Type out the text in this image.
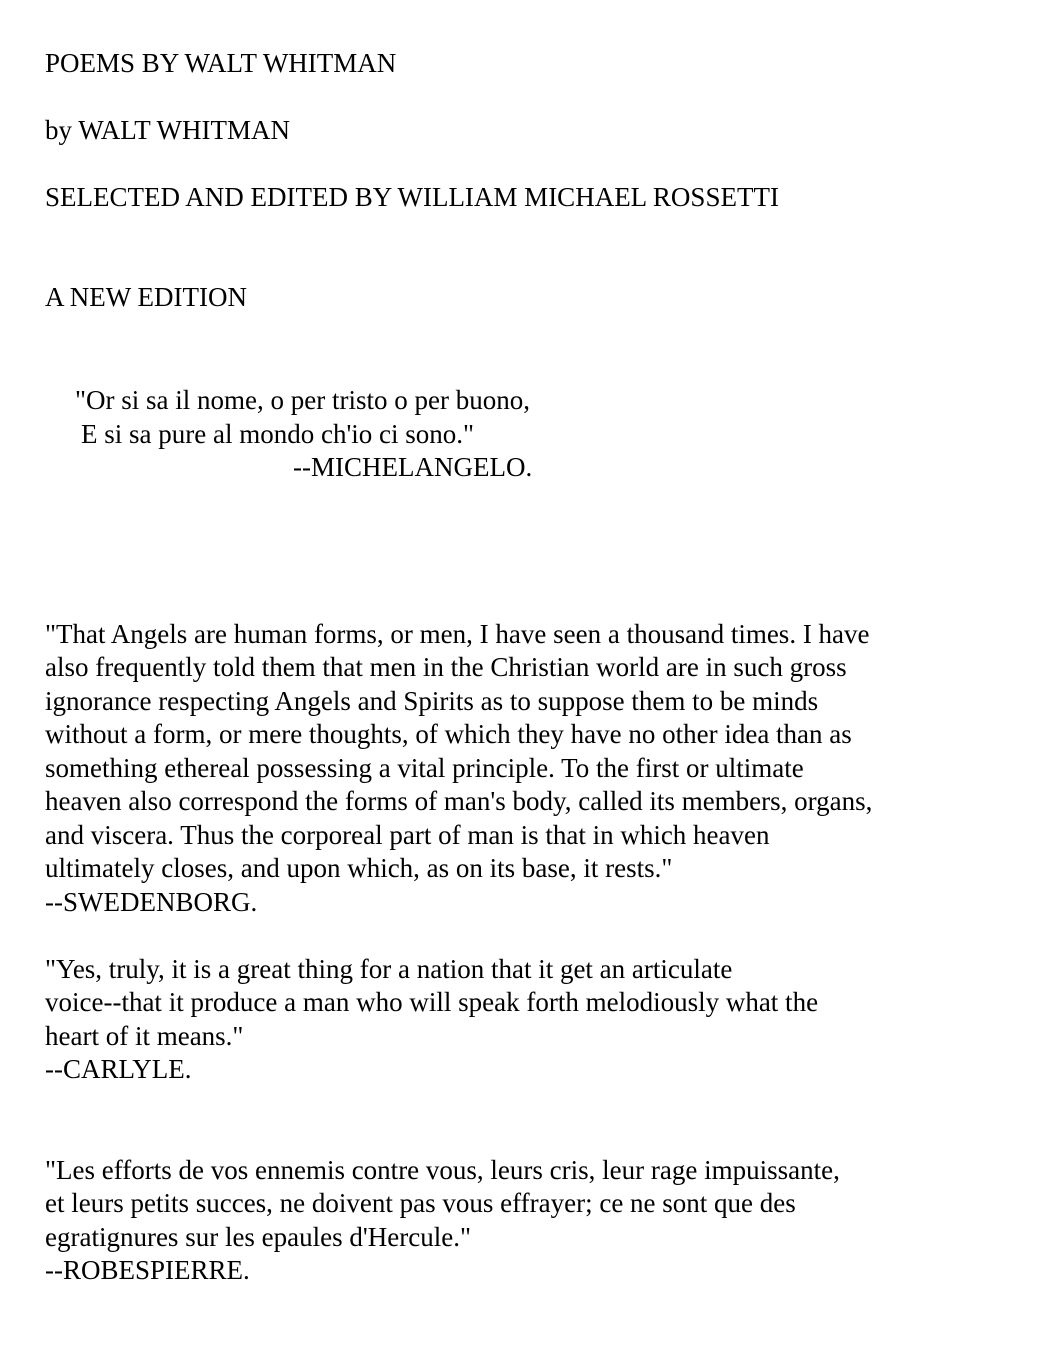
POEMS BY WALT WHITMAN

by WALT WHITMAN

SELECTED AND EDITED BY WILLIAM MICHAEL ROSSETTI

A NEW EDITION

"Or si sa il nome, o per tristo o per buono,

E si sa pure al mondo ch'io ci sono."

--MICHELANGELO.

"That Angels are human forms, or men, I have seen a thousand times. I have

also frequently told them that men in the Christian world are in such gross

ignorance respecting Angels and Spirits as to suppose them to be minds

without a form, or mere thoughts, of which they have no other idea than as

something ethereal possessing a vital principle. To the first or ultimate

heaven also correspond the forms of man's body, called its members, organs,

and viscera. Thus the corporeal part of man is that in which heaven

ultimately closes, and upon which, as on its base, it rests."

--SWEDENBORG.

"Yes, truly, it is a great thing for a nation that it get an articulate

voice--that it produce a man who will speak forth melodiously what the

heart of it means."

--CARLYLE.

"Les efforts de vos ennemis contre vous, leurs cris, leur rage impuissante,

et leurs petits succes, ne doivent pas vous effrayer; ce ne sont que des

egratignures sur les epaules d'Hercule."

--ROBESPIERRE.
